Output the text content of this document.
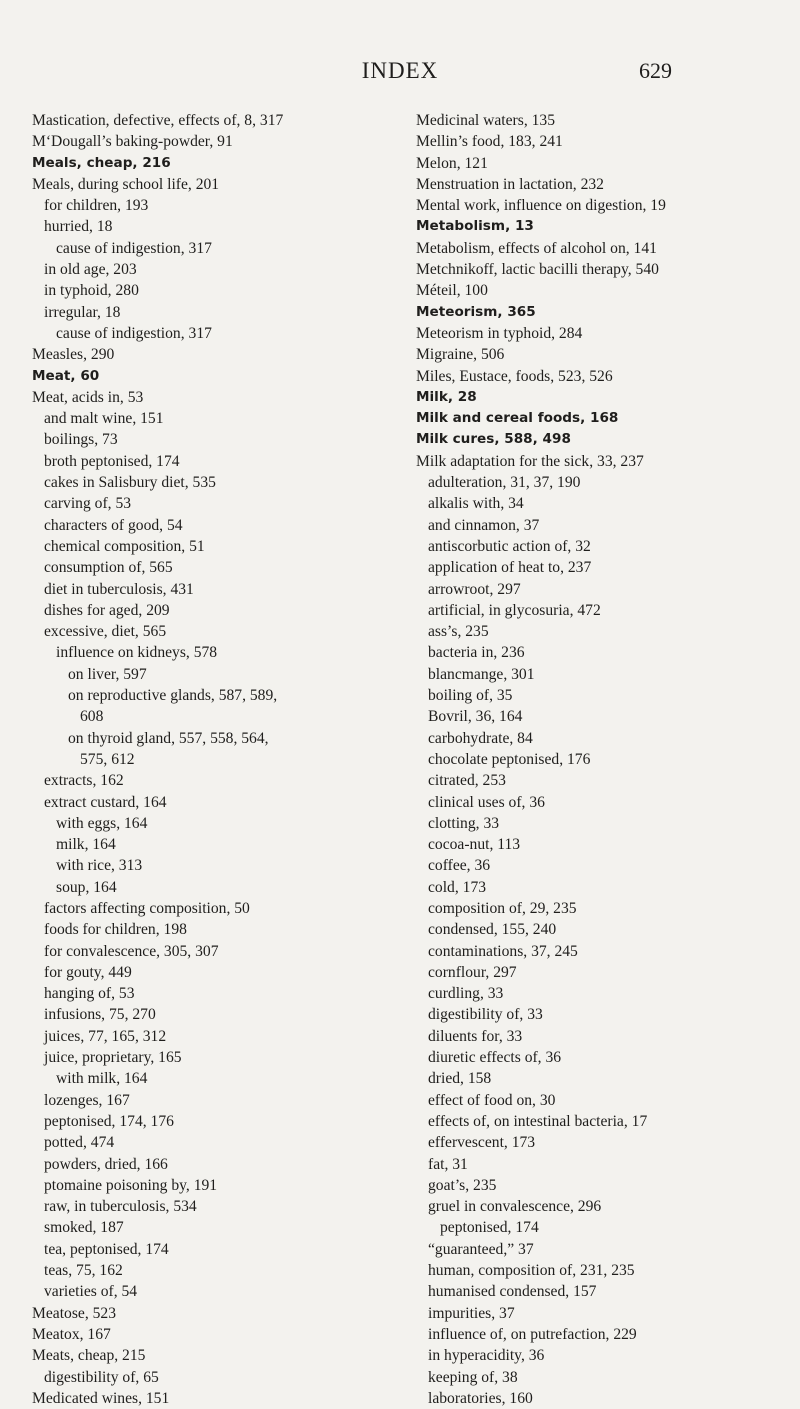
INDEX	629
Mastication, defective, effects of, 8, 317
M‘Dougall’s baking-powder, 91
Meals, cheap, 216
Meals, during school life, 201
for children, 193
hurried, 18
cause of indigestion, 317
in old age, 203
in typhoid, 280
irregular, 18
cause of indigestion, 317
Measles, 290
Meat, 60
Meat, acids in, 53
and malt wine, 151
boilings, 73
broth peptonised, 174
cakes in Salisbury diet, 535
carving of, 53
characters of good, 54
chemical composition, 51
consumption of, 565
diet in tuberculosis, 431
dishes for aged, 209
excessive, diet, 565
influence on kidneys, 578
on liver, 597
on reproductive glands, 587, 589,
608
on thyroid gland, 557, 558, 564,
575, 612
extracts, 162
extract custard, 164
with eggs, 164
milk, 164
with rice, 313
soup, 164
factors affecting composition, 50
foods for children, 198
for convalescence, 305, 307
for gouty, 449
hanging of, 53
infusions, 75, 270
juices, 77, 165, 312
juice, proprietary, 165
with milk, 164
lozenges, 167
peptonised, 174, 176
potted, 474
powders, dried, 166
ptomaine poisoning by, 191
raw, in tuberculosis, 534
smoked, 187
tea, peptonised, 174
teas, 75, 162
varieties of, 54
Meatose, 523
Meatox, 167
Meats, cheap, 215
digestibility of, 65
Medicated wines, 151
Medicinal waters, 135
Mellin’s food, 183, 241
Melon, 121
Menstruation in lactation, 232
Mental work, influence on digestion, 19
Metabolism, 13
Metabolism, effects of alcohol on, 141
Metchnikoff, lactic bacilli therapy, 540
Méteil, 100
Meteorism, 365
Meteorism in typhoid, 284
Migraine, 506
Miles, Eustace, foods, 523, 526
Milk, 28
Milk and cereal foods, 168
Milk cures, 588, 498
Milk adaptation for the sick, 33, 237
adulteration, 31, 37, 190
alkalis with, 34
and cinnamon, 37
antiscorbutic action of, 32
application of heat to, 237
arrowroot, 297
artificial, in glycosuria, 472
ass’s, 235
bacteria in, 236
blancmange, 301
boiling of, 35
Bovril, 36, 164
carbohydrate, 84
chocolate peptonised, 176
citrated, 253
clinical uses of, 36
clotting, 33
cocoa-nut, 113
coffee, 36
cold, 173
composition of, 29, 235
condensed, 155, 240
contaminations, 37, 245
cornflour, 297
curdling, 33
digestibility of, 33
diluents for, 33
diuretic effects of, 36
dried, 158
effect of food on, 30
effects of, on intestinal bacteria, 17
effervescent, 173
fat, 31
goat’s, 235
gruel in convalescence, 296
peptonised, 174
“guaranteed,” 37
human, composition of, 231, 235
humanised condensed, 157
impurities, 37
influence of, on putrefaction, 229
in hyperacidity, 36
keeping of, 38
laboratories, 160
